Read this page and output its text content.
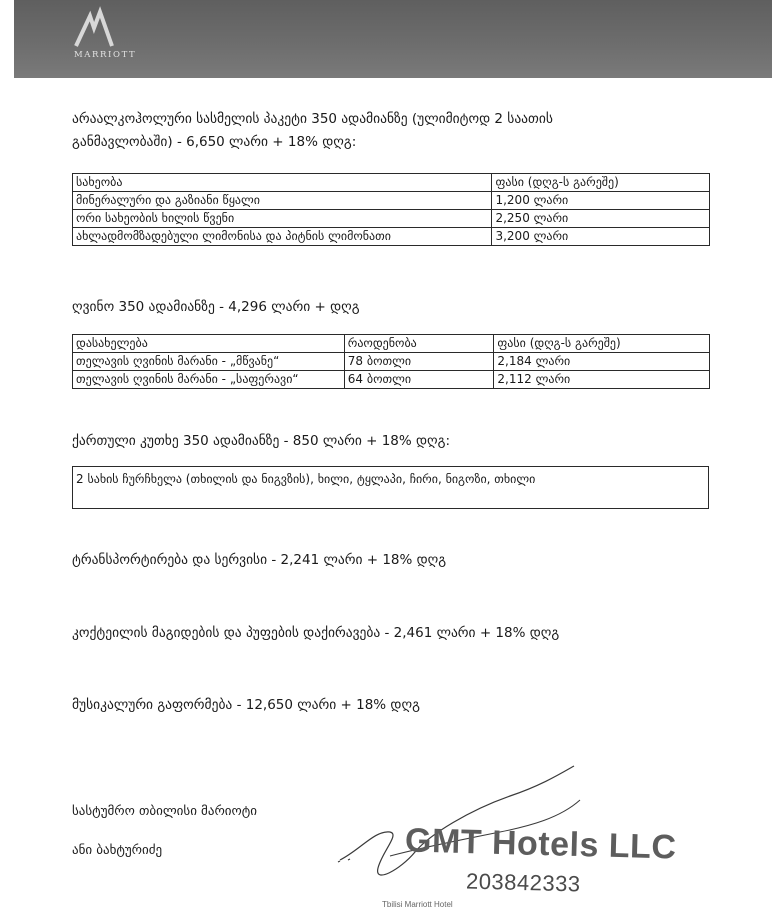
MARRIOTT

არაალკოჰოლური სასმელის პაკეტი 350 ადამიანზე (ულიმიტოდ 2 საათის

განმავლობაში) - 6,650 ლარი + 18% დღგ:

სახეობა	ფასი (დღგ-ს გარეშე)
მინერალური და გაზიანი წყალი	1,200 ლარი
ორი სახეობის ხილის წვენი	2,250 ლარი
ახლადმომზადებული ლიმონისა და პიტნის ლიმონათი	3,200 ლარი

ღვინო 350 ადამიანზე - 4,296 ლარი + დღგ

დასახელება	რაოდენობა	ფასი (დღგ-ს გარეშე)
თელავის ღვინის მარანი - „მწვანე“	78 ბოთლი	2,184 ლარი
თელავის ღვინის მარანი - „საფერავი“	64 ბოთლი	2,112 ლარი

ქართული კუთხე 350 ადამიანზე - 850 ლარი + 18% დღგ:

2 სახის ჩურჩხელა (თხილის და ნიგვზის), ხილი, ტყლაპი, ჩირი, ნიგოზი, თხილი

ტრანსპორტირება და სერვისი - 2,241 ლარი + 18% დღგ

კოქტეილის მაგიდების და პუფების დაქირავება - 2,461 ლარი + 18% დღგ

მუსიკალური გაფორმება - 12,650 ლარი + 18% დღგ

სასტუმრო თბილისი მარიოტი
ანი ბახტურიძე	GMT Hotels LLC
203842333
Tbilisi Marriott Hotel
